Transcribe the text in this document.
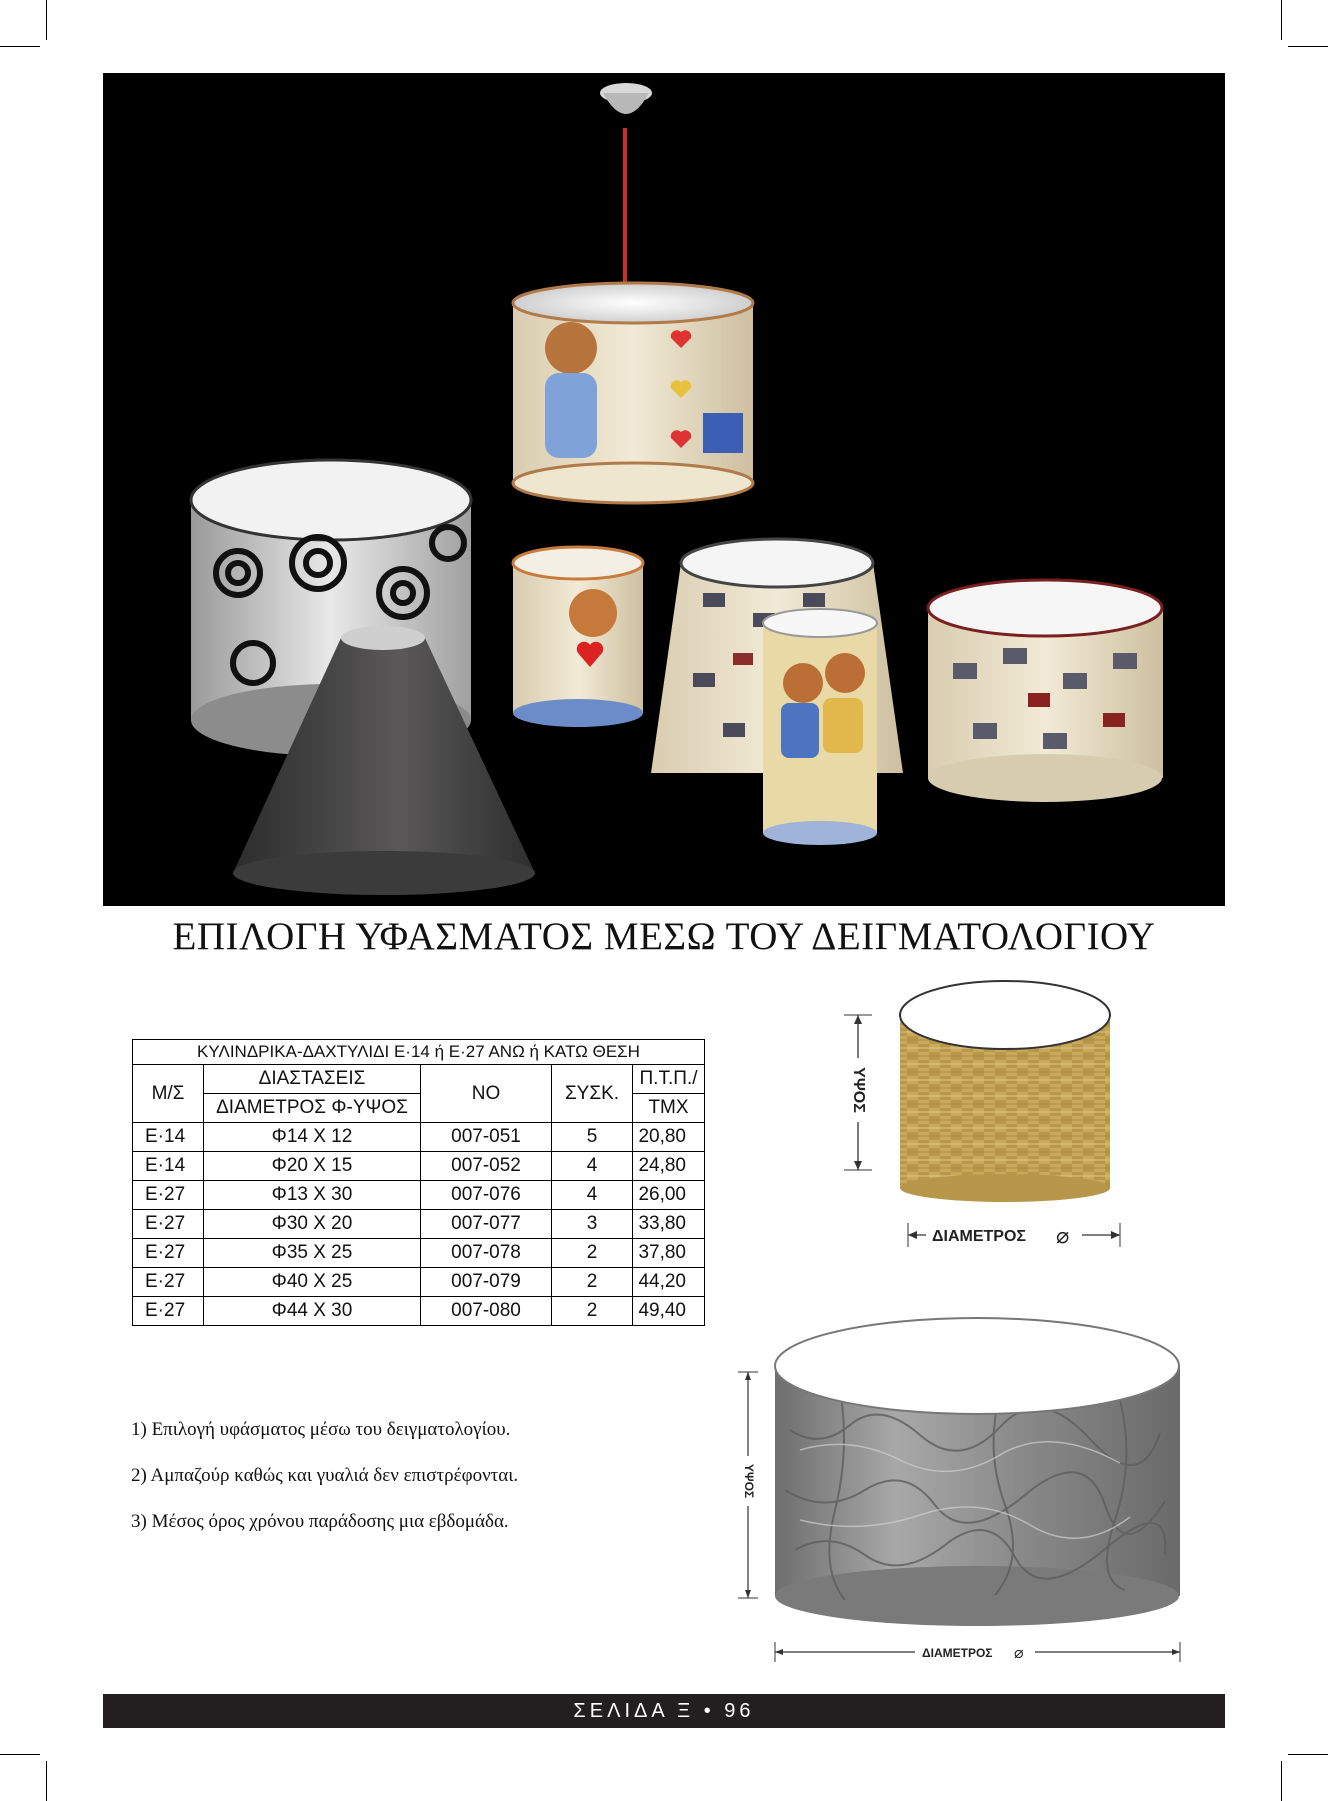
ΕΠΙΛΟΓΗ ΥΦΑΣΜΑΤΟΣ ΜΕΣΩ ΤΟΥ ΔΕΙΓΜΑΤΟΛΟΓΙΟΥ
ΚΥΛΙΝΔΡΙΚΑ-ΔΑΧΤΥΛΙΔΙ Ε·14 ή Ε·27 ΑΝΩ ή ΚΑΤΩ ΘΕΣΗ				
Μ/Σ	ΔΙΑΣΤΑΣΕΙΣ	ΝΟ	ΣΥΣΚ.	Π.Τ.Π./
	ΔΙΑΜΕΤΡΟΣ Φ-ΥΨΟΣ			ΤΜΧ
Ε·14	Φ14 Χ 12	007-051	5	20,80
Ε·14	Φ20 Χ 15	007-052	4	24,80
Ε·27	Φ13 Χ 30	007-076	4	26,00
Ε·27	Φ30 Χ 20	007-077	3	33,80
Ε·27	Φ35 Χ 25	007-078	2	37,80
Ε·27	Φ40 Χ 25	007-079	2	44,20
Ε·27	Φ44 Χ 30	007-080	2	49,40

1) Επιλογή υφάσματος μέσω του δειγματολογίου.

2) Αμπαζούρ καθώς και γυαλιά δεν επιστρέφονται.

3) Μέσος όρος χρόνου παράδοσης μια εβδομάδα.

ΥΨΟΣ
ΔΙΑΜΕΤΡΟΣ ⌀
ΥΨΟΣ
ΔΙΑΜΕΤΡΟΣ ⌀
ΣΕΛΙΔΑ Ξ • 96
